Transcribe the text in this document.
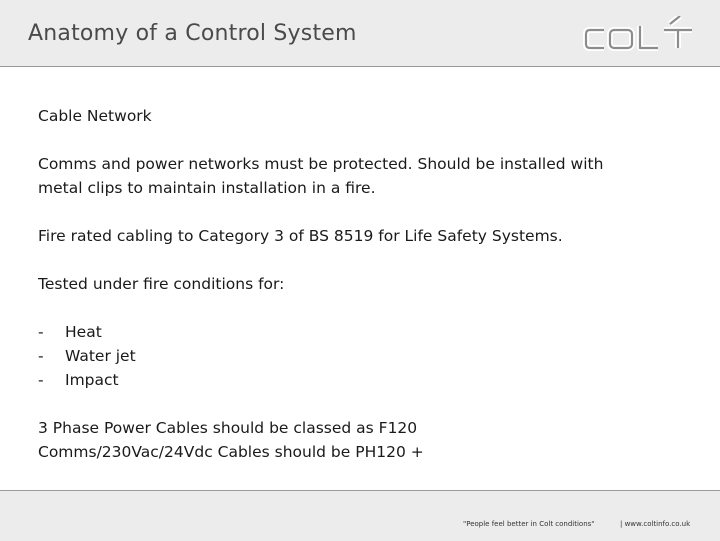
Anatomy of a Control System

Cable Network

Comms and power networks must be protected. Should be installed with

metal clips to maintain installation in a fire.

Fire rated cabling to Category 3 of BS 8519 for Life Safety Systems.

Tested under fire conditions for:

-	Heat
-	Water jet
-	Impact

3 Phase Power Cables should be classed as F120

Comms/230Vac/24Vdc Cables should be PH120 +

"People feel better in Colt conditions"	| www.coltinfo.co.uk
